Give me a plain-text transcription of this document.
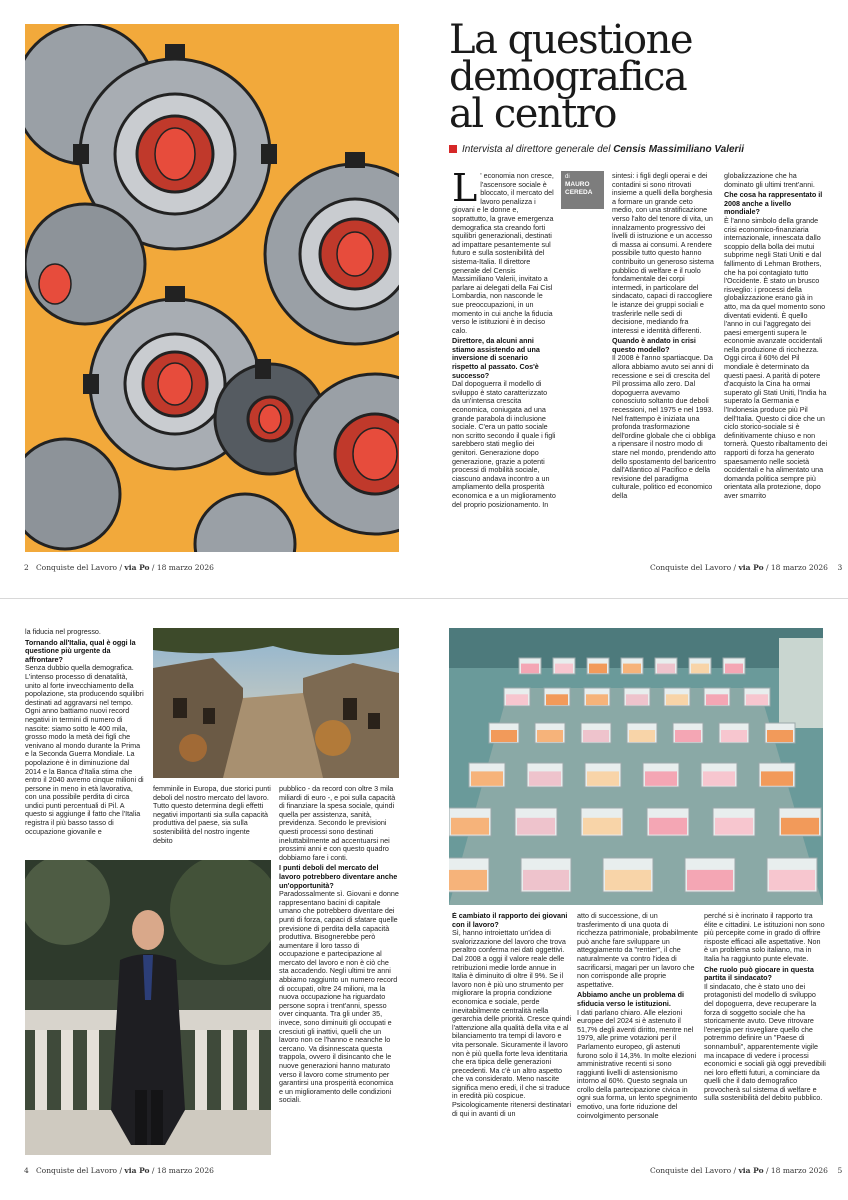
La questione
demografica
al centro
Intervista al direttore generale del Censis Massimiliano Valerii

L ' economia non cresce, l'ascensore sociale è bloccato, il mercato del lavoro penalizza i giovani e le donne e, soprattutto, la grave emergenza demografica sta creando forti squilibri generazionali, destinati ad impattare pesantemente sul futuro e sulla sostenibilità del sistema-Italia. Il direttore generale del Censis Massimiliano Valerii, invitato a parlare ai delegati della Fai Cisl Lombardia, non nasconde le sue preoccupazioni, in un momento in cui anche la fiducia verso le istituzioni è in deciso calo.

Direttore, da alcuni anni stiamo assistendo ad una inversione di scenario rispetto al passato. Cos'è successo?

Dal dopoguerra il modello di sviluppo è stato caratterizzato da un'intensa crescita economica, coniugata ad una grande parabola di inclusione sociale. C'era un patto sociale non scritto secondo il quale i figli sarebbero stati meglio dei genitori. Generazione dopo generazione, grazie a potenti processi di mobilità sociale, ciascuno andava incontro a un ampliamento della prosperità economica e a un miglioramento del proprio posizionamento. In

di
MAURO
CEREDA

sintesi: i figli degli operai e dei contadini si sono ritrovati insieme a quelli della borghesia a formare un grande ceto medio, con una stratificazione verso l'alto del tenore di vita, un innalzamento progressivo dei livelli di istruzione e un accesso di massa ai consumi. A rendere possibile tutto questo hanno contribuito un generoso sistema pubblico di welfare e il ruolo fondamentale dei corpi intermedi, in particolare del sindacato, capaci di raccogliere le istanze dei gruppi sociali e trasferirle nelle sedi di decisione, mediando fra interessi e identità differenti.

Quando è andato in crisi questo modello?

Il 2008 è l'anno spartiacque. Da allora abbiamo avuto sei anni di recessione e sei di crescita del Pil prossima allo zero. Dal dopoguerra avevamo conosciuto soltanto due deboli recessioni, nel 1975 e nel 1993. Nel frattempo è iniziata una profonda trasformazione dell'ordine globale che ci obbliga a ripensare il nostro modo di stare nel mondo, prendendo atto dello spostamento del baricentro dall'Atlantico al Pacifico e della revisione del paradigma culturale, politico ed economico della

globalizzazione che ha dominato gli ultimi trent'anni.

Che cosa ha rappresentato il 2008 anche a livello mondiale?

È l'anno simbolo della grande crisi economico-finanziaria internazionale, innescata dallo scoppio della bolla dei mutui subprime negli Stati Uniti e dal fallimento di Lehman Brothers, che ha poi contagiato tutto l'Occidente. È stato un brusco risveglio: i processi della globalizzazione erano già in atto, ma da quel momento sono diventati evidenti. È quello l'anno in cui l'aggregato dei paesi emergenti supera le economie avanzate occidentali nella produzione di ricchezza. Oggi circa il 60% del Pil mondiale è determinato da questi paesi. A parità di potere d'acquisto la Cina ha ormai superato gli Stati Uniti, l'India ha superato la Germania e l'Indonesia produce più Pil dell'Italia. Questo ci dice che un ciclo storico-sociale si è definitivamente chiuso e non tornerà. Questo ribaltamento dei rapporti di forza ha generato spaesamento nelle società occidentali e ha alimentato una domanda politica sempre più orientata alla protezione, dopo aver smarrito

2 Conquiste del Lavoro / via Po / 18 marzo 2026	Conquiste del Lavoro / via Po / 18 marzo 2026 3

la fiducia nel progresso.

Tornando all'Italia, qual è oggi la questione più urgente da affrontare?

Senza dubbio quella demografica. L'intenso processo di denatalità, unito al forte invecchiamento della popolazione, sta producendo squilibri destinati ad aggravarsi nel tempo. Ogni anno battiamo nuovi record negativi in termini di numero di nascite: siamo sotto le 400 mila, grosso modo la metà dei figli che venivano al mondo durante la Prima e la Seconda Guerra Mondiale. La popolazione è in diminuzione dal 2014 e la Banca d'Italia stima che entro il 2040 avremo cinque milioni di persone in meno in età lavorativa, con una possibile perdita di circa undici punti percentuali di Pil. A questo si aggiunge il fatto che l'Italia registra il più basso tasso di occupazione giovanile e

femminile in Europa, due storici punti deboli del nostro mercato del lavoro. Tutto questo determina degli effetti negativi importanti sia sulla capacità produttiva del paese, sia sulla sostenibilità del nostro ingente debito

pubblico - da record con oltre 3 mila miliardi di euro -, e poi sulla capacità di finanziare la spesa sociale, quindi quella per assistenza, sanità, previdenza. Secondo le previsioni questi processi sono destinati ineluttabilmente ad accentuarsi nei prossimi anni e con questo quadro dobbiamo fare i conti.

I punti deboli del mercato del lavoro potrebbero diventare anche un'opportunità?

Paradossalmente sì. Giovani e donne rappresentano bacini di capitale umano che potrebbero diventare dei punti di forza, capaci di sfatare quelle previsione di perdita della capacità produttiva. Bisognerebbe però aumentare il loro tasso di occupazione e partecipazione al mercato del lavoro e non è ciò che sta accadendo. Negli ultimi tre anni abbiamo raggiunto un numero record di occupati, oltre 24 milioni, ma la nuova occupazione ha riguardato persone sopra i trent'anni, spesso over cinquanta. Tra gli under 35, invece, sono diminuiti gli occupati e cresciuti gli inattivi, quelli che un lavoro non ce l'hanno e neanche lo cercano. Va disinnescata questa trappola, ovvero il disincanto che le nuove generazioni hanno maturato verso il lavoro come strumento per garantirsi una prosperità economica e un miglioramento delle condizioni sociali.

È cambiato il rapporto dei giovani con il lavoro?

Sì, hanno introiettato un'idea di svalorizzazione del lavoro che trova peraltro conferma nei dati oggettivi. Dal 2008 a oggi il valore reale delle retribuzioni medie lorde annue in Italia è diminuito di oltre il 9%. Se il lavoro non è più uno strumento per migliorare la propria condizione economica e sociale, perde inevitabilmente centralità nella gerarchia delle priorità. Cresce quindi l'attenzione alla qualità della vita e al bilanciamento tra tempi di lavoro e vita personale. Sicuramente il lavoro non è più quella forte leva identitaria che era tipica delle generazioni precedenti. Ma c'è un altro aspetto che va considerato. Meno nascite significa meno eredi, il che si traduce in eredità più cospicue. Psicologicamente ritenersi destinatari di qui in avanti di un

atto di successione, di un trasferimento di una quota di ricchezza patrimoniale, probabilmente può anche fare sviluppare un atteggiamento da "rentier", il che naturalmente va contro l'idea di sacrificarsi, magari per un lavoro che non corrisponde alle proprie aspettative.

Abbiamo anche un problema di sfiducia verso le istituzioni.

I dati parlano chiaro. Alle elezioni europee del 2024 si è astenuto il 51,7% degli aventi diritto, mentre nel 1979, alle prime votazioni per il Parlamento europeo, gli astenuti furono solo il 14,3%. In molte elezioni amministrative recenti si sono raggiunti livelli di astensionismo intorno al 60%. Questo segnala un crollo della partecipazione civica in ogni sua forma, un lento spegnimento emotivo, una forte riduzione del coinvolgimento personale

perché si è incrinato il rapporto tra élite e cittadini. Le istituzioni non sono più percepite come in grado di offrire risposte efficaci alle aspettative. Non è un problema solo italiano, ma in Italia ha raggiunto punte elevate.

Che ruolo può giocare in questa partita il sindacato?

Il sindacato, che è stato uno dei protagonisti del modello di sviluppo del dopoguerra, deve recuperare la forza di soggetto sociale che ha storicamente avuto. Deve ritrovare l'energia per risvegliare quello che potremmo definire un "Paese di sonnambuli", apparentemente vigile ma incapace di vedere i processi economici e sociali già oggi prevedibili nei loro effetti futuri, a cominciare da quelli che il dato demografico provocherà sul sistema di welfare e sulla sostenibilità del debito pubblico.

4 Conquiste del Lavoro / via Po / 18 marzo 2026	Conquiste del Lavoro / via Po / 18 marzo 2026 5
